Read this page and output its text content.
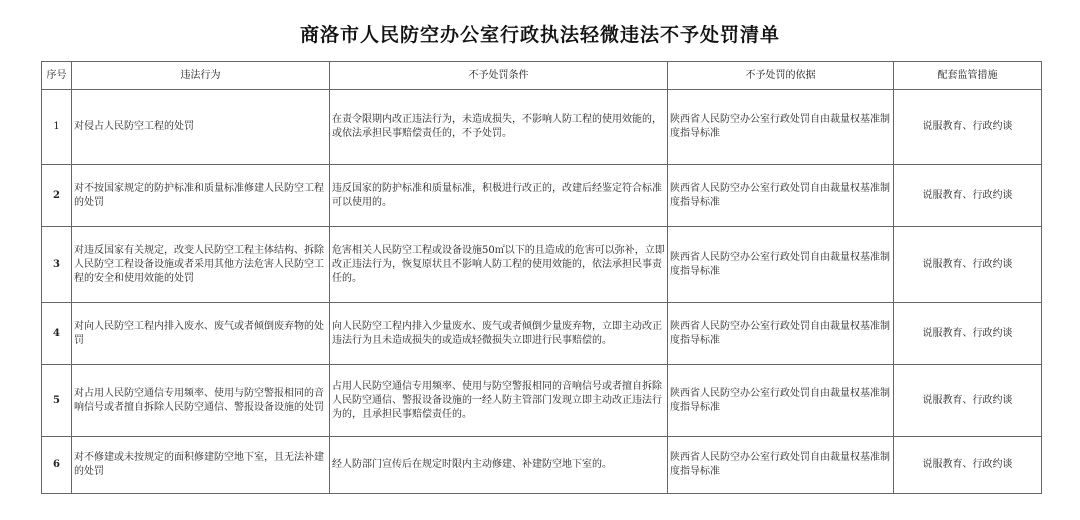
商洛市人民防空办公室行政执法轻微违法不予处罚清单
序号	违法行为	不予处罚条件	不予处罚的依据	配套监管措施
1	对侵占人民防空工程的处罚	在责令限期内改正违法行为，未造成损失，不影响人防工程的使用效能的，或依法承担民事赔偿责任的，不予处罚。	陕西省人民防空办公室行政处罚自由裁量权基准制度指导标准	说服教育、行政约谈
2	对不按国家规定的防护标准和质量标准修建人民防空工程的处罚	违反国家的防护标准和质量标准，积极进行改正的，改建后经鉴定符合标准可以使用的。	陕西省人民防空办公室行政处罚自由裁量权基准制度指导标准	说服教育、行政约谈
3	对违反国家有关规定，改变人民防空工程主体结构、拆除人民防空工程设备设施或者采用其他方法危害人民防空工程的安全和使用效能的处罚	危害相关人民防空工程或设备设施50㎡以下的且造成的危害可以弥补，立即改正违法行为，恢复原状且不影响人防工程的使用效能的，依法承担民事责任的。	陕西省人民防空办公室行政处罚自由裁量权基准制度指导标准	说服教育、行政约谈
4	对向人民防空工程内排入废水、废气或者倾倒废弃物的处罚	向人民防空工程内排入少量废水、废气或者倾倒少量废弃物，立即主动改正违法行为且未造成损失的或造成轻微损失立即进行民事赔偿的。	陕西省人民防空办公室行政处罚自由裁量权基准制度指导标准	说服教育、行政约谈
5	对占用人民防空通信专用频率、使用与防空警报相同的音响信号或者擅自拆除人民防空通信、警报设备设施的处罚	占用人民防空通信专用频率、使用与防空警报相同的音响信号或者擅自拆除人民防空通信、警报设备设施的一经人防主管部门发现立即主动改正违法行为的，且承担民事赔偿责任的。	陕西省人民防空办公室行政处罚自由裁量权基准制度指导标准	说服教育、行政约谈
6	对不修建或未按规定的面积修建防空地下室，且无法补建的处罚	经人防部门宣传后在规定时限内主动修建、补建防空地下室的。	陕西省人民防空办公室行政处罚自由裁量权基准制度指导标准	说服教育、行政约谈
